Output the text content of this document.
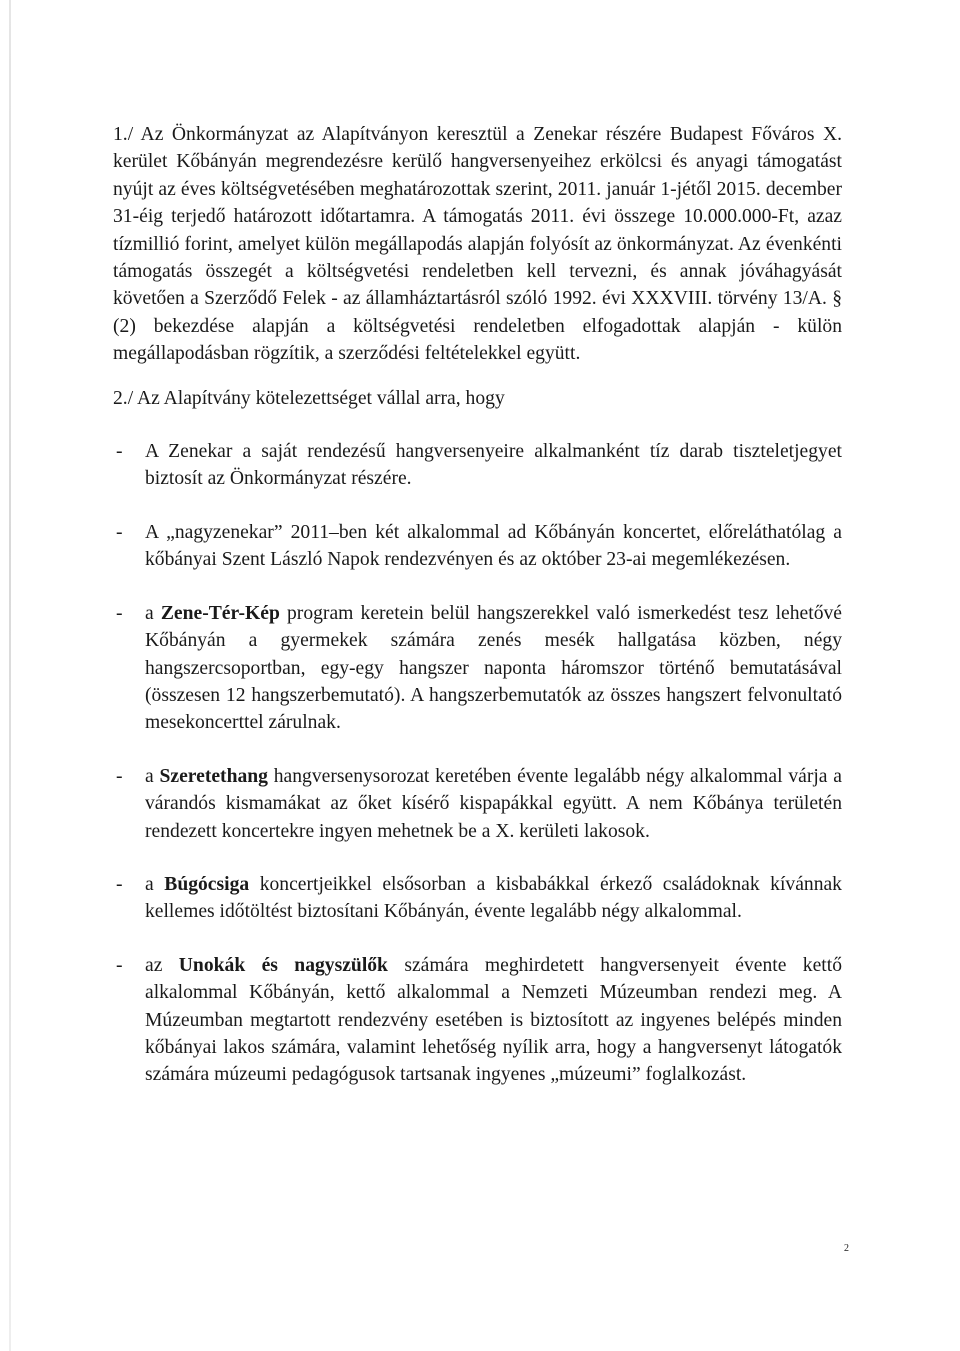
1./ Az Önkormányzat az Alapítványon keresztül a Zenekar részére Budapest Főváros X. kerület Kőbányán megrendezésre kerülő hangversenyeihez erkölcsi és anyagi támogatást nyújt az éves költségvetésében meghatározottak szerint, 2011. január 1-jétől 2015. december 31-éig terjedő határozott időtartamra. A támogatás 2011. évi összege 10.000.000-Ft, azaz tízmillió forint, amelyet külön megállapodás alapján folyósít az önkormányzat. Az évenkénti támogatás összegét a költségvetési rendeletben kell tervezni, és annak jóváhagyását követően a Szerződő Felek - az államháztartásról szóló 1992. évi XXXVIII. törvény 13/A. § (2) bekezdése alapján a költségvetési rendeletben elfogadottak alapján - külön megállapodásban rögzítik, a szerződési feltételekkel együtt.

2./ Az Alapítvány kötelezettséget vállal arra, hogy

- A Zenekar a saját rendezésű hangversenyeire alkalmanként tíz darab tiszteletjegyet biztosít az Önkormányzat részére.

- A „nagyzenekar” 2011–ben két alkalommal ad Kőbányán koncertet, előreláthatólag a kőbányai Szent László Napok rendezvényen és az október 23-ai megemlékezésen.

- a Zene-Tér-Kép program keretein belül hangszerekkel való ismerkedést tesz lehetővé Kőbányán a gyermekek számára zenés mesék hallgatása közben, négy hangszercsoportban, egy-egy hangszer naponta háromszor történő bemutatásával (összesen 12 hangszerbemutató). A hangszerbemutatók az összes hangszert felvonultató mesekoncerttel zárulnak.

- a Szeretethang hangversenysorozat keretében évente legalább négy alkalommal várja a várandós kismamákat az őket kísérő kispapákkal együtt. A nem Kőbánya területén rendezett koncertekre ingyen mehetnek be a X. kerületi lakosok.

- a Búgócsiga koncertjeikkel elsősorban a kisbabákkal érkező családoknak kívánnak kellemes időtöltést biztosítani Kőbányán, évente legalább négy alkalommal.

- az Unokák és nagyszülők számára meghirdetett hangversenyeit évente kettő alkalommal Kőbányán, kettő alkalommal a Nemzeti Múzeumban rendezi meg. A Múzeumban megtartott rendezvény esetében is biztosított az ingyenes belépés minden kőbányai lakos számára, valamint lehetőség nyílik arra, hogy a hangversenyt látogatók számára múzeumi pedagógusok tartsanak ingyenes „múzeumi” foglalkozást.

2
